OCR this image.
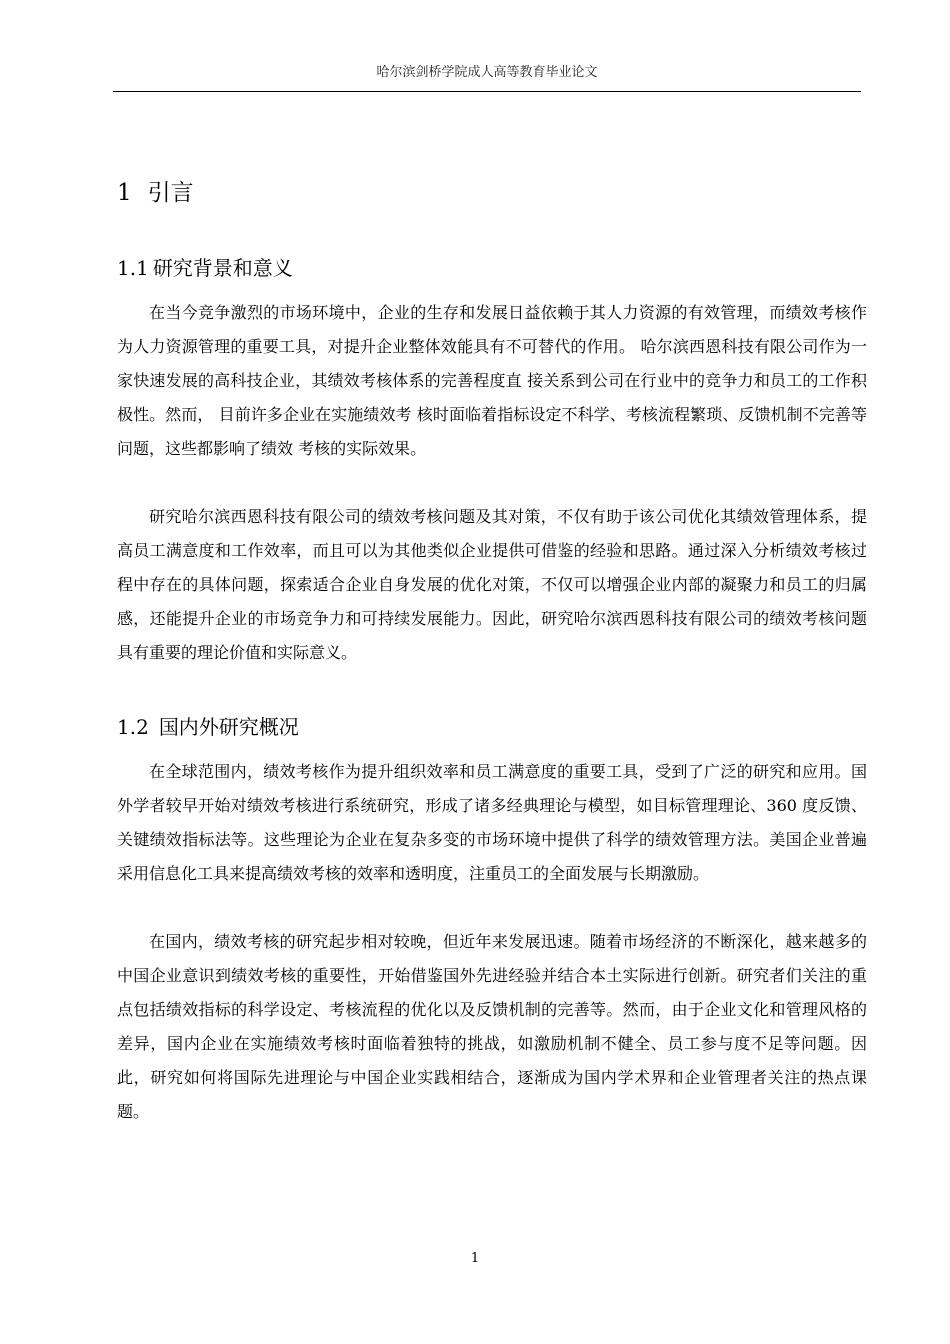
哈尔滨剑桥学院成人高等教育毕业论文
1 引言
1.1 研究背景和意义

在当今竞争激烈的市场环境中，企业的生存和发展日益依赖于其人力资源的有效管理，而绩效考核作为人力资源管理的重要工具，对提升企业整体效能具有不可替代的作用。 哈尔滨西恩科技有限公司作为一家快速发展的高科技企业，其绩效考核体系的完善程度直 接关系到公司在行业中的竞争力和员工的工作积极性。然而， 目前许多企业在实施绩效考 核时面临着指标设定不科学、考核流程繁琐、反馈机制不完善等问题，这些都影响了绩效 考核的实际效果。

研究哈尔滨西恩科技有限公司的绩效考核问题及其对策，不仅有助于该公司优化其绩效管理体系，提高员工满意度和工作效率，而且可以为其他类似企业提供可借鉴的经验和思路。通过深入分析绩效考核过程中存在的具体问题，探索适合企业自身发展的优化对策，不仅可以增强企业内部的凝聚力和员工的归属感，还能提升企业的市场竞争力和可持续发展能力。因此，研究哈尔滨西恩科技有限公司的绩效考核问题具有重要的理论价值和实际意义。

1.2 国内外研究概况

在全球范围内，绩效考核作为提升组织效率和员工满意度的重要工具，受到了广泛的研究和应用。国外学者较早开始对绩效考核进行系统研究，形成了诸多经典理论与模型，如目标管理理论、360 度反馈、关键绩效指标法等。这些理论为企业在复杂多变的市场环境中提供了科学的绩效管理方法。美国企业普遍采用信息化工具来提高绩效考核的效率和透明度，注重员工的全面发展与长期激励。

在国内，绩效考核的研究起步相对较晚，但近年来发展迅速。随着市场经济的不断深化，越来越多的中国企业意识到绩效考核的重要性，开始借鉴国外先进经验并结合本土实际进行创新。研究者们关注的重点包括绩效指标的科学设定、考核流程的优化以及反馈机制的完善等。然而，由于企业文化和管理风格的差异，国内企业在实施绩效考核时面临着独特的挑战，如激励机制不健全、员工参与度不足等问题。因此，研究如何将国际先进理论与中国企业实践相结合，逐渐成为国内学术界和企业管理者关注的热点课题。

1
